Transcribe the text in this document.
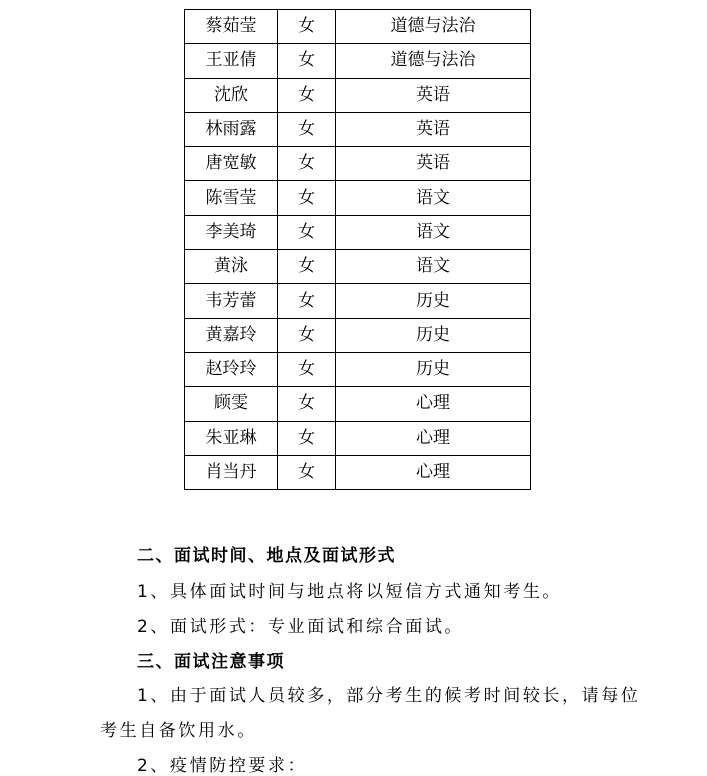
蔡茹莹	女	道德与法治
王亚倩	女	道德与法治
沈欣	女	英语
林雨露	女	英语
唐宽敏	女	英语
陈雪莹	女	语文
李美琦	女	语文
黄泳	女	语文
韦芳蕾	女	历史
黄嘉玲	女	历史
赵玲玲	女	历史
顾雯	女	心理
朱亚琳	女	心理
肖当丹	女	心理
二、面试时间、地点及面试形式
1、具体面试时间与地点将以短信方式通知考生。
2、面试形式：专业面试和综合面试。
三、面试注意事项
1、由于面试人员较多，部分考生的候考时间较长，请每位
考生自备饮用水。
2、疫情防控要求：
